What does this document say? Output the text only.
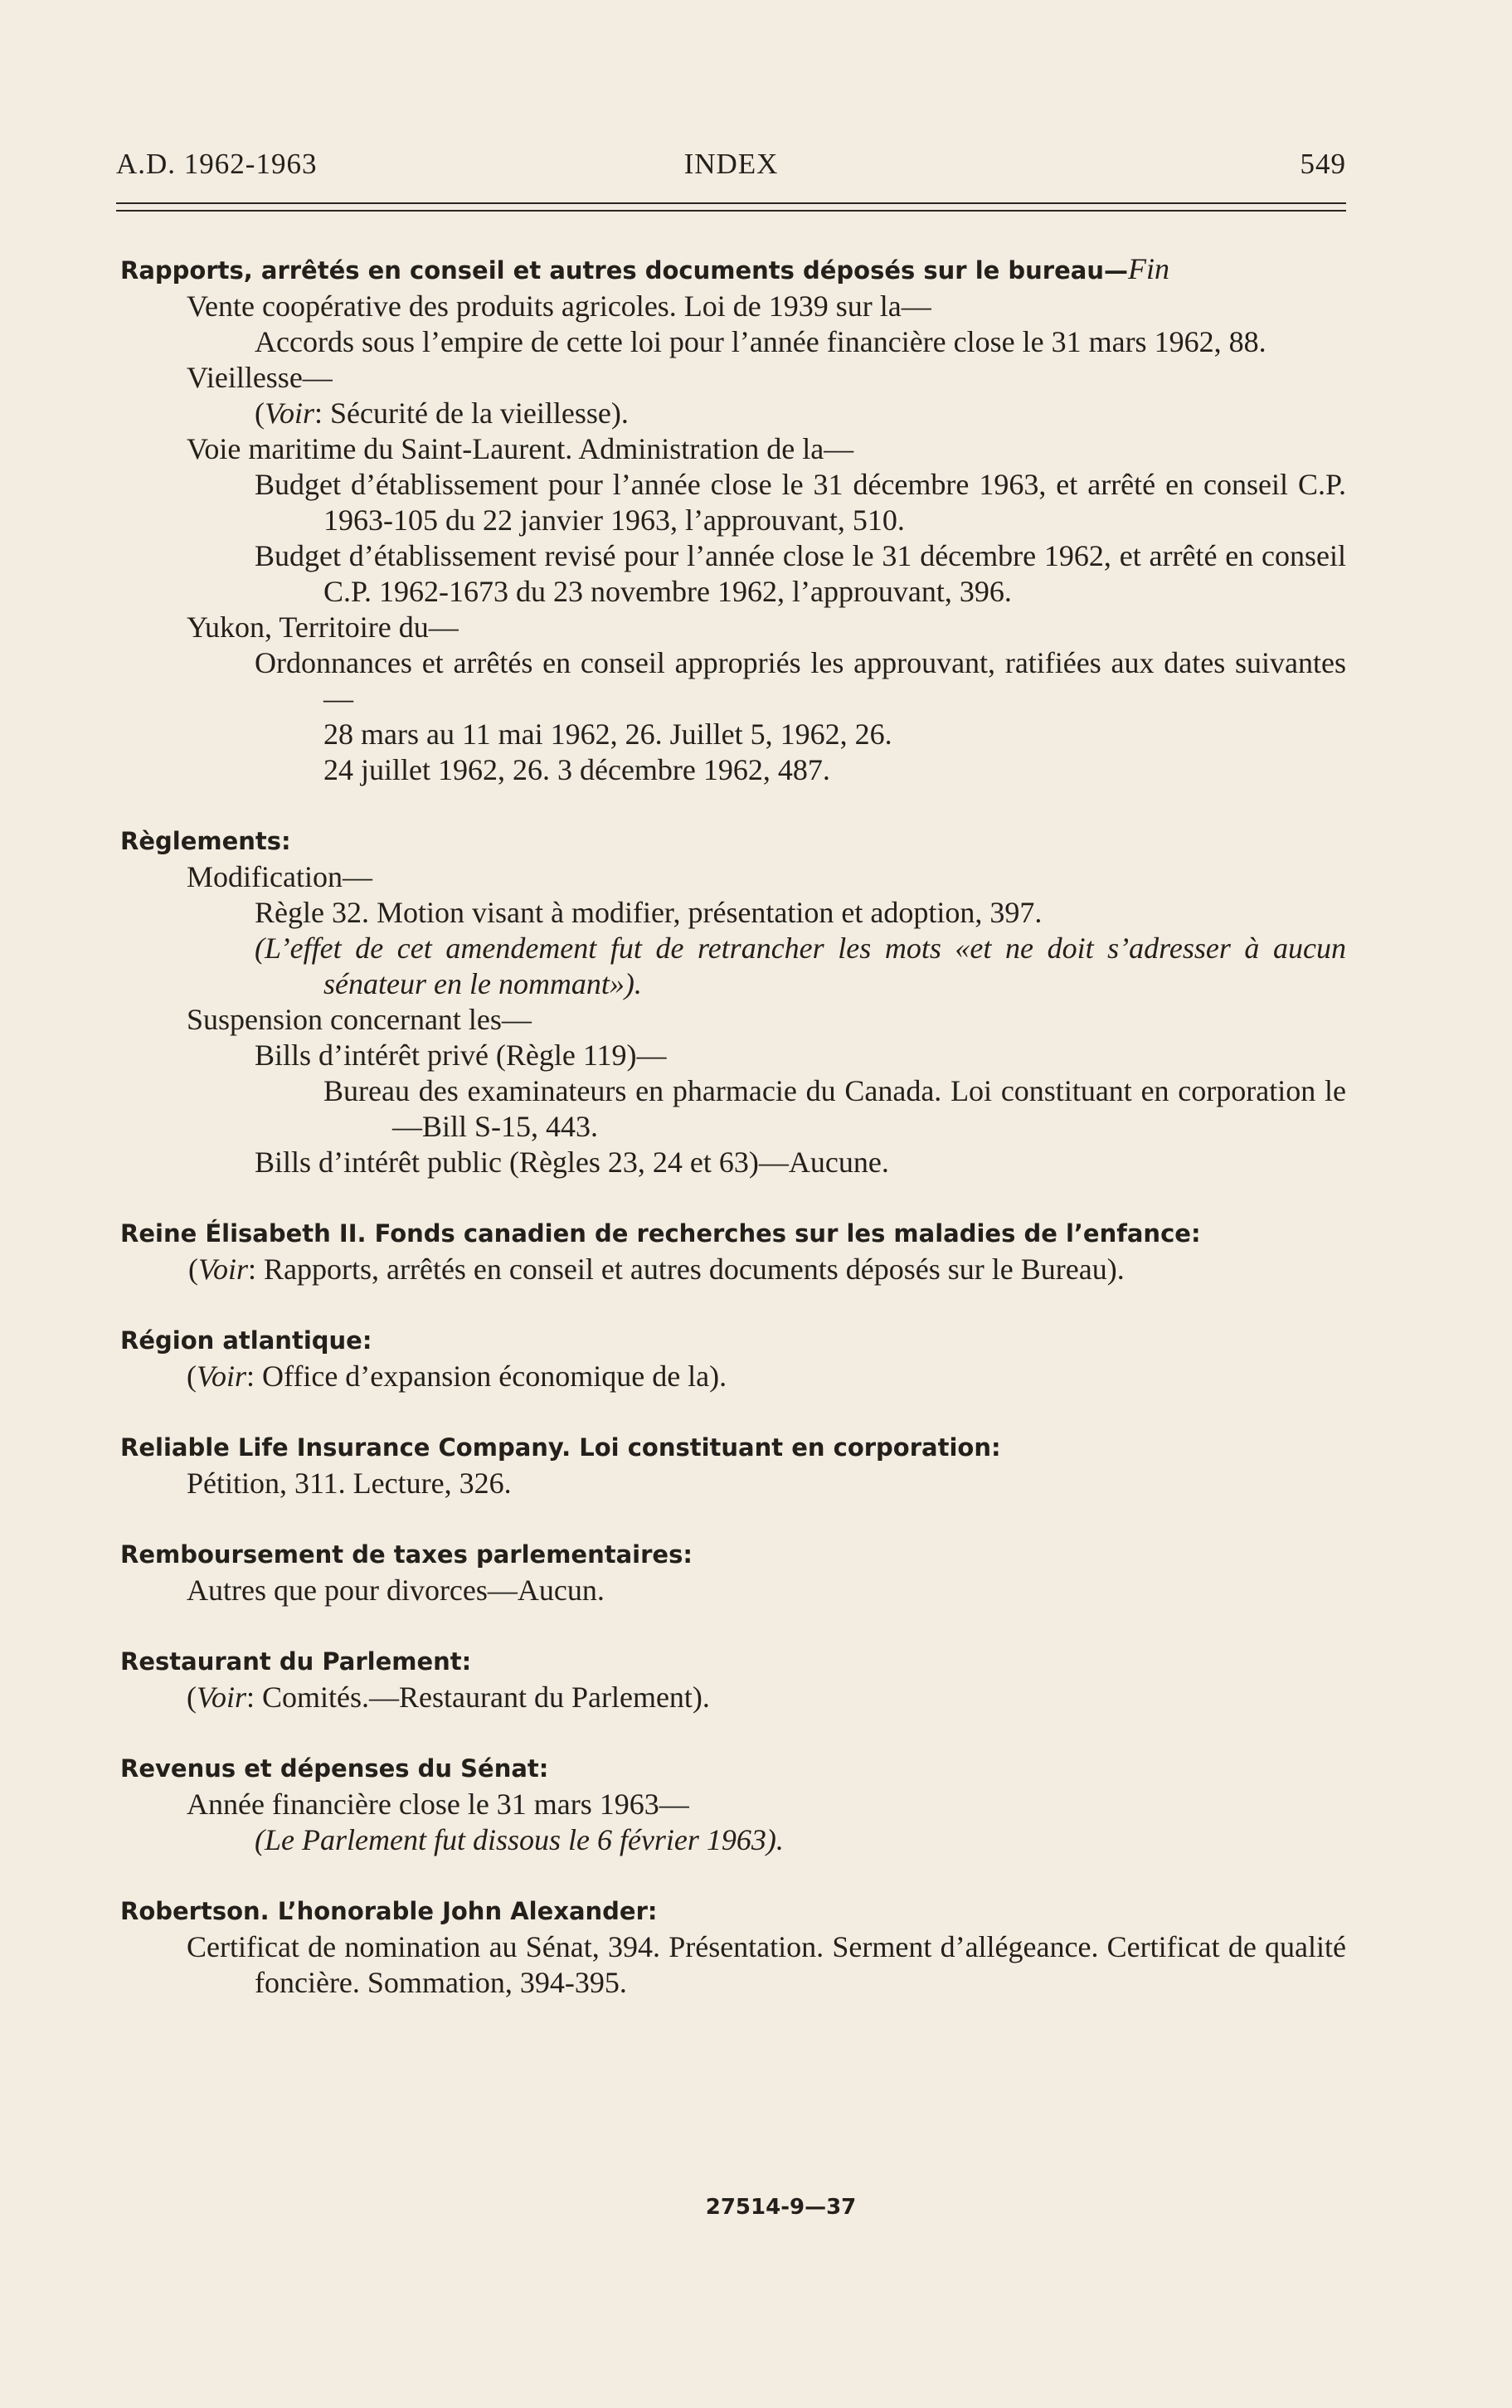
A.D. 1962-1963	INDEX	549

Rapports, arrêtés en conseil et autres documents déposés sur le bureau—Fin

Vente coopérative des produits agricoles. Loi de 1939 sur la—

Accords sous l’empire de cette loi pour l’année financière close le 31 mars 1962, 88.

Vieillesse—

(Voir: Sécurité de la vieillesse).

Voie maritime du Saint-Laurent. Administration de la—

Budget d’établissement pour l’année close le 31 décembre 1963, et arrêté en conseil C.P. 1963-105 du 22 janvier 1963, l’approuvant, 510.

Budget d’établissement revisé pour l’année close le 31 décembre 1962, et arrêté en conseil C.P. 1962-1673 du 23 novembre 1962, l’approuvant, 396.

Yukon, Territoire du—

Ordonnances et arrêtés en conseil appropriés les approuvant, ratifiées aux dates suivantes—

28 mars au 11 mai 1962, 26. Juillet 5, 1962, 26.

24 juillet 1962, 26. 3 décembre 1962, 487.

Règlements:

Modification—

Règle 32. Motion visant à modifier, présentation et adoption, 397.

(L’effet de cet amendement fut de retrancher les mots «et ne doit s’adresser à aucun sénateur en le nommant»).

Suspension concernant les—

Bills d’intérêt privé (Règle 119)—

Bureau des examinateurs en pharmacie du Canada. Loi constituant en corporation le—Bill S-15, 443.

Bills d’intérêt public (Règles 23, 24 et 63)—Aucune.

Reine Élisabeth II. Fonds canadien de recherches sur les maladies de l’enfance:

(Voir: Rapports, arrêtés en conseil et autres documents déposés sur le Bureau).

Région atlantique:

(Voir: Office d’expansion économique de la).

Reliable Life Insurance Company. Loi constituant en corporation:

Pétition, 311. Lecture, 326.

Remboursement de taxes parlementaires:

Autres que pour divorces—Aucun.

Restaurant du Parlement:

(Voir: Comités.—Restaurant du Parlement).

Revenus et dépenses du Sénat:

Année financière close le 31 mars 1963—

(Le Parlement fut dissous le 6 février 1963).

Robertson. L’honorable John Alexander:

Certificat de nomination au Sénat, 394. Présentation. Serment d’allégeance. Certificat de qualité foncière. Sommation, 394-395.

27514-9—37
